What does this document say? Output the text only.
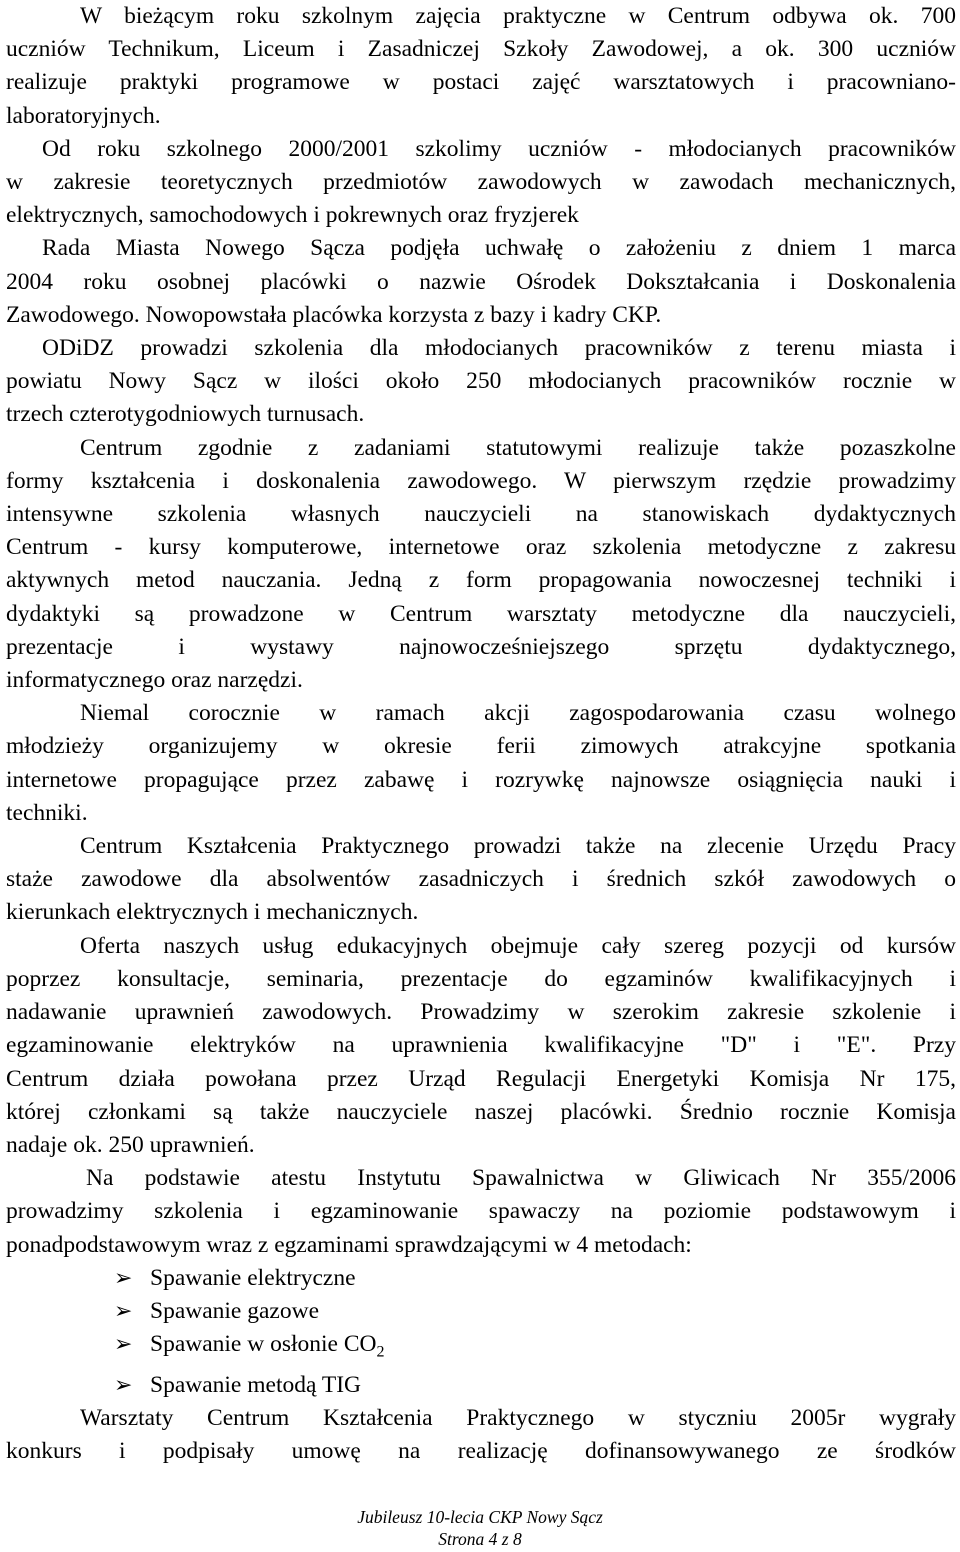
W bieżącym roku szkolnym zajęcia praktyczne w Centrum odbywa ok. 700
uczniów Technikum, Liceum i Zasadniczej Szkoły Zawodowej, a ok. 300 uczniów
realizuje praktyki programowe w postaci zajęć warsztatowych i pracowniano-
laboratoryjnych.
Od roku szkolnego 2000/2001 szkolimy uczniów - młodocianych pracowników
w zakresie teoretycznych przedmiotów zawodowych w zawodach mechanicznych,
elektrycznych, samochodowych i pokrewnych oraz fryzjerek
Rada Miasta Nowego Sącza podjęła uchwałę o założeniu z dniem 1 marca
2004 roku osobnej placówki o nazwie Ośrodek Dokształcania i Doskonalenia
Zawodowego. Nowopowstała placówka korzysta z bazy i kadry CKP.
ODiDZ prowadzi szkolenia dla młodocianych pracowników z terenu miasta i
powiatu Nowy Sącz w ilości około 250 młodocianych pracowników rocznie w
trzech czterotygodniowych turnusach.
Centrum zgodnie z zadaniami statutowymi realizuje także pozaszkolne
formy kształcenia i doskonalenia zawodowego. W pierwszym rzędzie prowadzimy
intensywne szkolenia własnych nauczycieli na stanowiskach dydaktycznych
Centrum - kursy komputerowe, internetowe oraz szkolenia metodyczne z zakresu
aktywnych metod nauczania. Jedną z form propagowania nowoczesnej techniki i
dydaktyki są prowadzone w Centrum warsztaty metodyczne dla nauczycieli,
prezentacje i wystawy najnowocześniejszego sprzętu dydaktycznego,
informatycznego oraz narzędzi.
Niemal corocznie w ramach akcji zagospodarowania czasu wolnego
młodzieży organizujemy w okresie ferii zimowych atrakcyjne spotkania
internetowe propagujące przez zabawę i rozrywkę najnowsze osiągnięcia nauki i
techniki.
Centrum Kształcenia Praktycznego prowadzi także na zlecenie Urzędu Pracy
staże zawodowe dla absolwentów zasadniczych i średnich szkół zawodowych o
kierunkach elektrycznych i mechanicznych.
Oferta naszych usług edukacyjnych obejmuje cały szereg pozycji od kursów
poprzez konsultacje, seminaria, prezentacje do egzaminów kwalifikacyjnych i
nadawanie uprawnień zawodowych. Prowadzimy w szerokim zakresie szkolenie i
egzaminowanie elektryków na uprawnienia kwalifikacyjne "D" i "E". Przy
Centrum działa powołana przez Urząd Regulacji Energetyki Komisja Nr 175,
której członkami są także nauczyciele naszej placówki. Średnio rocznie Komisja
nadaje ok. 250 uprawnień.
Na podstawie atestu Instytutu Spawalnictwa w Gliwicach Nr 355/2006
prowadzimy szkolenia i egzaminowanie spawaczy na poziomie podstawowym i
ponadpodstawowym wraz z egzaminami sprawdzającymi w 4 metodach:
➢ Spawanie elektryczne
➢ Spawanie gazowe
➢ Spawanie w osłonie $CO_2$
➢ Spawanie metodą TIG
Warsztaty Centrum Kształcenia Praktycznego w styczniu 2005r wygrały
konkurs i podpisały umowę na realizację dofinansowywanego ze środków
Jubileusz 10-lecia CKP Nowy Sącz
Strona 4 z 8
